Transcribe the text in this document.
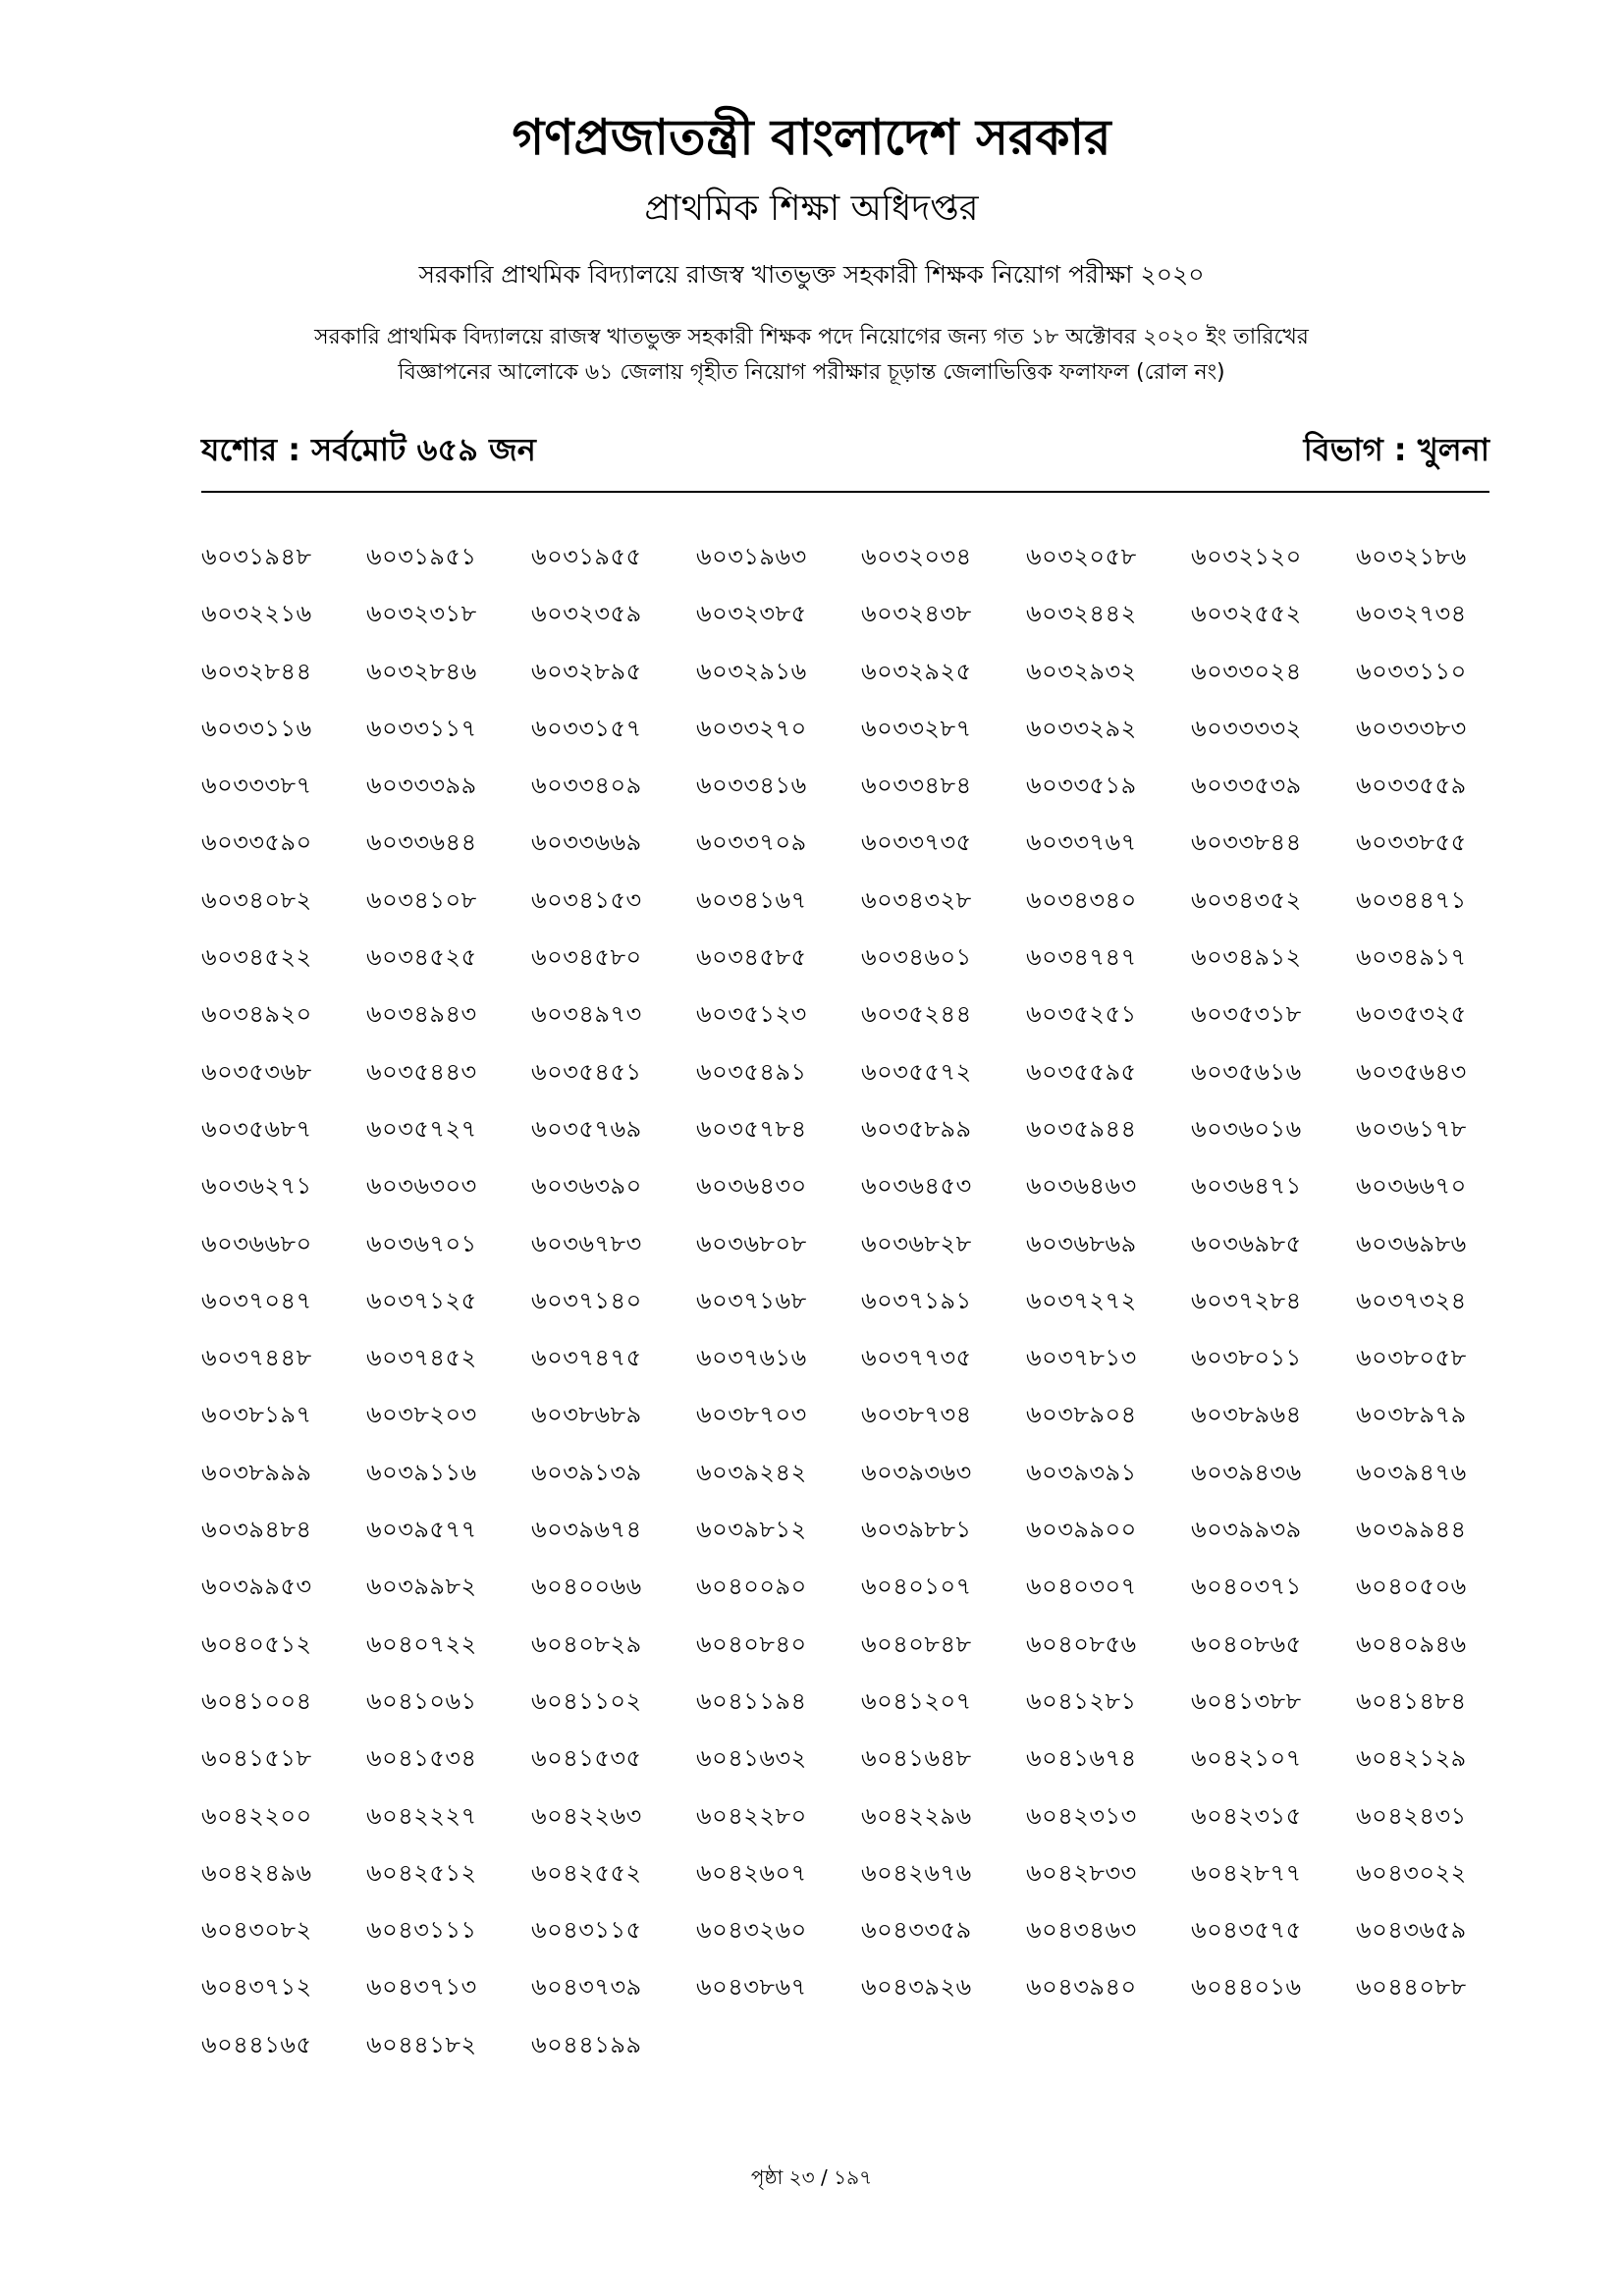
গণপ্রজাতন্ত্রী বাংলাদেশ সরকার
প্রাথমিক শিক্ষা অধিদপ্তর
সরকারি প্রাথমিক বিদ্যালয়ে রাজস্ব খাতভুক্ত সহকারী শিক্ষক নিয়োগ পরীক্ষা ২০২০
সরকারি প্রাথমিক বিদ্যালয়ে রাজস্ব খাতভুক্ত সহকারী শিক্ষক পদে নিয়োগের জন্য গত ১৮ অক্টোবর ২০২০ ইং তারিখের
বিজ্ঞাপনের আলোকে ৬১ জেলায় গৃহীত নিয়োগ পরীক্ষার চূড়ান্ত জেলাভিত্তিক ফলাফল (রোল নং)
যশোর : সর্বমোট ৬৫৯ জন	বিভাগ : খুলনা
৬০৩১৯৪৮	৬০৩১৯৫১	৬০৩১৯৫৫	৬০৩১৯৬৩	৬০৩২০৩৪	৬০৩২০৫৮	৬০৩২১২০	৬০৩২১৮৬
৬০৩২২১৬	৬০৩২৩১৮	৬০৩২৩৫৯	৬০৩২৩৮৫	৬০৩২৪৩৮	৬০৩২৪৪২	৬০৩২৫৫২	৬০৩২৭৩৪
৬০৩২৮৪৪	৬০৩২৮৪৬	৬০৩২৮৯৫	৬০৩২৯১৬	৬০৩২৯২৫	৬০৩২৯৩২	৬০৩৩০২৪	৬০৩৩১১০
৬০৩৩১১৬	৬০৩৩১১৭	৬০৩৩১৫৭	৬০৩৩২৭০	৬০৩৩২৮৭	৬০৩৩২৯২	৬০৩৩৩৩২	৬০৩৩৩৮৩
৬০৩৩৩৮৭	৬০৩৩৩৯৯	৬০৩৩৪০৯	৬০৩৩৪১৬	৬০৩৩৪৮৪	৬০৩৩৫১৯	৬০৩৩৫৩৯	৬০৩৩৫৫৯
৬০৩৩৫৯০	৬০৩৩৬৪৪	৬০৩৩৬৬৯	৬০৩৩৭০৯	৬০৩৩৭৩৫	৬০৩৩৭৬৭	৬০৩৩৮৪৪	৬০৩৩৮৫৫
৬০৩৪০৮২	৬০৩৪১০৮	৬০৩৪১৫৩	৬০৩৪১৬৭	৬০৩৪৩২৮	৬০৩৪৩৪০	৬০৩৪৩৫২	৬০৩৪৪৭১
৬০৩৪৫২২	৬০৩৪৫২৫	৬০৩৪৫৮০	৬০৩৪৫৮৫	৬০৩৪৬০১	৬০৩৪৭৪৭	৬০৩৪৯১২	৬০৩৪৯১৭
৬০৩৪৯২০	৬০৩৪৯৪৩	৬০৩৪৯৭৩	৬০৩৫১২৩	৬০৩৫২৪৪	৬০৩৫২৫১	৬০৩৫৩১৮	৬০৩৫৩২৫
৬০৩৫৩৬৮	৬০৩৫৪৪৩	৬০৩৫৪৫১	৬০৩৫৪৯১	৬০৩৫৫৭২	৬০৩৫৫৯৫	৬০৩৫৬১৬	৬০৩৫৬৪৩
৬০৩৫৬৮৭	৬০৩৫৭২৭	৬০৩৫৭৬৯	৬০৩৫৭৮৪	৬০৩৫৮৯৯	৬০৩৫৯৪৪	৬০৩৬০১৬	৬০৩৬১৭৮
৬০৩৬২৭১	৬০৩৬৩০৩	৬০৩৬৩৯০	৬০৩৬৪৩০	৬০৩৬৪৫৩	৬০৩৬৪৬৩	৬০৩৬৪৭১	৬০৩৬৬৭০
৬০৩৬৬৮০	৬০৩৬৭০১	৬০৩৬৭৮৩	৬০৩৬৮০৮	৬০৩৬৮২৮	৬০৩৬৮৬৯	৬০৩৬৯৮৫	৬০৩৬৯৮৬
৬০৩৭০৪৭	৬০৩৭১২৫	৬০৩৭১৪০	৬০৩৭১৬৮	৬০৩৭১৯১	৬০৩৭২৭২	৬০৩৭২৮৪	৬০৩৭৩২৪
৬০৩৭৪৪৮	৬০৩৭৪৫২	৬০৩৭৪৭৫	৬০৩৭৬১৬	৬০৩৭৭৩৫	৬০৩৭৮১৩	৬০৩৮০১১	৬০৩৮০৫৮
৬০৩৮১৯৭	৬০৩৮২০৩	৬০৩৮৬৮৯	৬০৩৮৭০৩	৬০৩৮৭৩৪	৬০৩৮৯০৪	৬০৩৮৯৬৪	৬০৩৮৯৭৯
৬০৩৮৯৯৯	৬০৩৯১১৬	৬০৩৯১৩৯	৬০৩৯২৪২	৬০৩৯৩৬৩	৬০৩৯৩৯১	৬০৩৯৪৩৬	৬০৩৯৪৭৬
৬০৩৯৪৮৪	৬০৩৯৫৭৭	৬০৩৯৬৭৪	৬০৩৯৮১২	৬০৩৯৮৮১	৬০৩৯৯০০	৬০৩৯৯৩৯	৬০৩৯৯৪৪
৬০৩৯৯৫৩	৬০৩৯৯৮২	৬০৪০০৬৬	৬০৪০০৯০	৬০৪০১০৭	৬০৪০৩০৭	৬০৪০৩৭১	৬০৪০৫০৬
৬০৪০৫১২	৬০৪০৭২২	৬০৪০৮২৯	৬০৪০৮৪০	৬০৪০৮৪৮	৬০৪০৮৫৬	৬০৪০৮৬৫	৬০৪০৯৪৬
৬০৪১০০৪	৬০৪১০৬১	৬০৪১১০২	৬০৪১১৯৪	৬০৪১২০৭	৬০৪১২৮১	৬০৪১৩৮৮	৬০৪১৪৮৪
৬০৪১৫১৮	৬০৪১৫৩৪	৬০৪১৫৩৫	৬০৪১৬৩২	৬০৪১৬৪৮	৬০৪১৬৭৪	৬০৪২১০৭	৬০৪২১২৯
৬০৪২২০০	৬০৪২২২৭	৬০৪২২৬৩	৬০৪২২৮০	৬০৪২২৯৬	৬০৪২৩১৩	৬০৪২৩১৫	৬০৪২৪৩১
৬০৪২৪৯৬	৬০৪২৫১২	৬০৪২৫৫২	৬০৪২৬০৭	৬০৪২৬৭৬	৬০৪২৮৩৩	৬০৪২৮৭৭	৬০৪৩০২২
৬০৪৩০৮২	৬০৪৩১১১	৬০৪৩১১৫	৬০৪৩২৬০	৬০৪৩৩৫৯	৬০৪৩৪৬৩	৬০৪৩৫৭৫	৬০৪৩৬৫৯
৬০৪৩৭১২	৬০৪৩৭১৩	৬০৪৩৭৩৯	৬০৪৩৮৬৭	৬০৪৩৯২৬	৬০৪৩৯৪০	৬০৪৪০১৬	৬০৪৪০৮৮
৬০৪৪১৬৫	৬০৪৪১৮২	৬০৪৪১৯৯
পৃষ্ঠা ২৩ / ১৯৭
